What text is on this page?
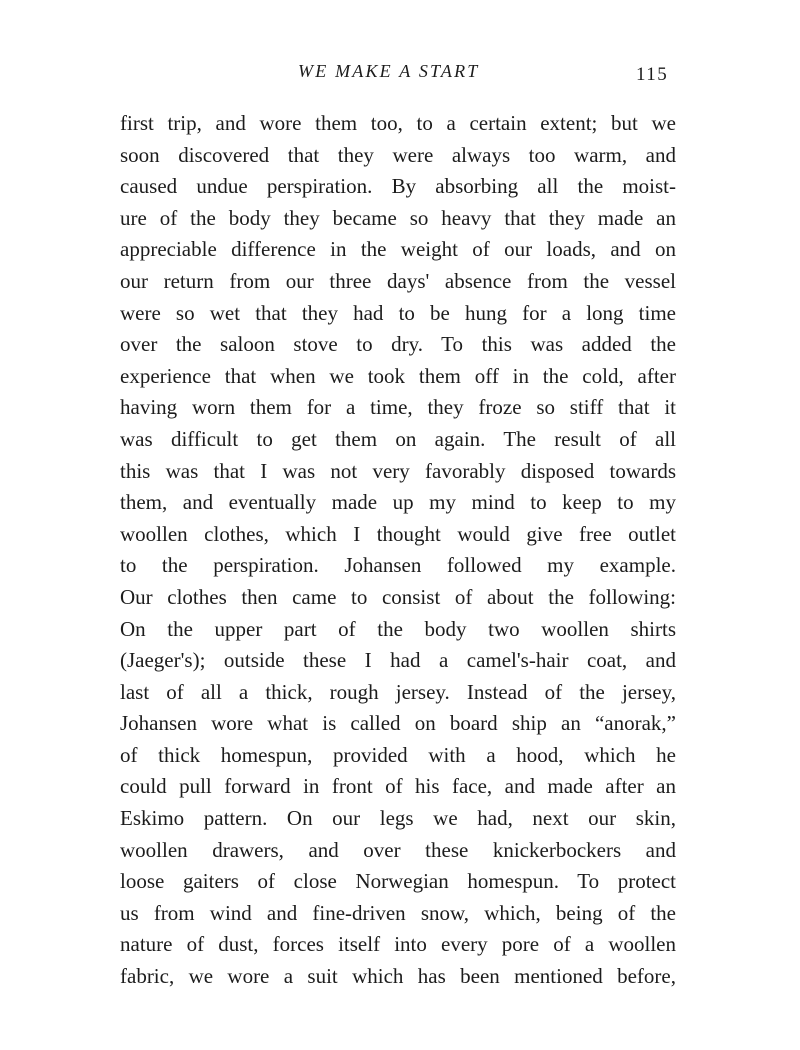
WE MAKE A START	115
first trip, and wore them too, to a certain extent; but we
soon discovered that they were always too warm, and
caused undue perspiration. By absorbing all the moist-
ure of the body they became so heavy that they made an
appreciable difference in the weight of our loads, and on
our return from our three days' absence from the vessel
were so wet that they had to be hung for a long time
over the saloon stove to dry. To this was added the
experience that when we took them off in the cold, after
having worn them for a time, they froze so stiff that it
was difficult to get them on again. The result of all
this was that I was not very favorably disposed towards
them, and eventually made up my mind to keep to my
woollen clothes, which I thought would give free outlet
to the perspiration. Johansen followed my example.
Our clothes then came to consist of about the following:
On the upper part of the body two woollen shirts
(Jaeger's); outside these I had a camel's-hair coat, and
last of all a thick, rough jersey. Instead of the jersey,
Johansen wore what is called on board ship an “anorak,”
of thick homespun, provided with a hood, which he
could pull forward in front of his face, and made after an
Eskimo pattern. On our legs we had, next our skin,
woollen drawers, and over these knickerbockers and
loose gaiters of close Norwegian homespun. To protect
us from wind and fine-driven snow, which, being of the
nature of dust, forces itself into every pore of a woollen
fabric, we wore a suit which has been mentioned before,
